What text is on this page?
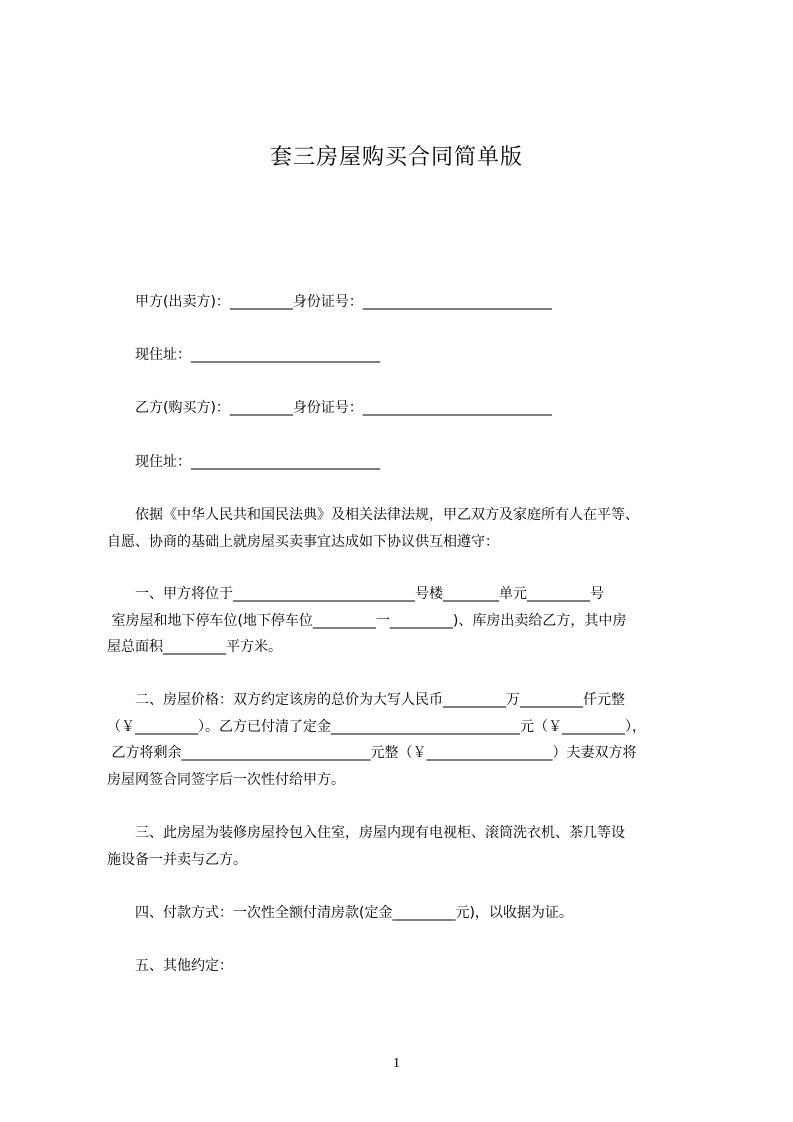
套三房屋购买合同简单版
　　甲方(出卖方)：_________身份证号：___________________________
　　现住址：___________________________
　　乙方(购买方)：_________身份证号：___________________________
　　现住址：___________________________
　　依据《中华人民共和国民法典》及相关法律法规，甲乙双方及家庭所有人在平等、
自愿、协商的基础上就房屋买卖事宜达成如下协议供互相遵守：
　　一、甲方将位于__________________________号楼________单元_________号
室房屋和地下停车位(地下停车位_________一_________)、库房出卖给乙方，其中房
屋总面积_________平方米。
　　二、房屋价格：双方约定该房的总价为大写人民币_________万_________仟元整
（￥_________）。乙方已付清了定金___________________________元（￥_________），
乙方将剩余___________________________元整（￥__________________）夫妻双方将
房屋网签合同签字后一次性付给甲方。
　　三、此房屋为装修房屋拎包入住室，房屋内现有电视柜、滚筒洗衣机、茶几等设
施设备一并卖与乙方。
　　四、付款方式：一次性全额付清房款(定金_________元)，以收据为证。
　　五、其他约定：
1
